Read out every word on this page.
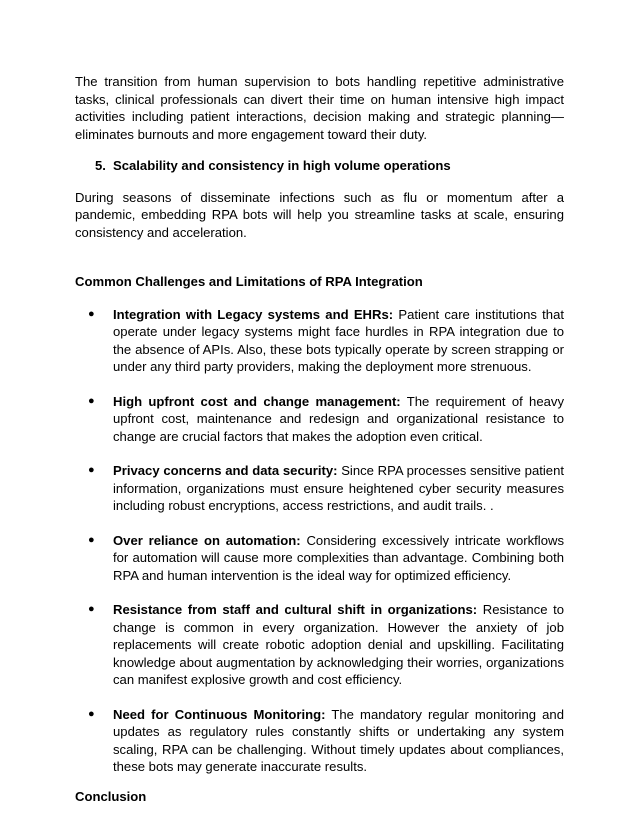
The transition from human supervision to bots handling repetitive administrative tasks, clinical professionals can divert their time on human intensive high impact activities including patient interactions, decision making and strategic planning—eliminates burnouts and more engagement toward their duty.

5. Scalability and consistency in high volume operations

During seasons of disseminate infections such as flu or momentum after a pandemic, embedding RPA bots will help you streamline tasks at scale, ensuring consistency and acceleration.

Common Challenges and Limitations of RPA Integration
●	Integration with Legacy systems and EHRs: Patient care institutions that operate under legacy systems might face hurdles in RPA integration due to the absence of APIs. Also, these bots typically operate by screen strapping or under any third party providers, making the deployment more strenuous.
●	High upfront cost and change management: The requirement of heavy upfront cost, maintenance and redesign and organizational resistance to change are crucial factors that makes the adoption even critical.
●	Privacy concerns and data security: Since RPA processes sensitive patient information, organizations must ensure heightened cyber security measures including robust encryptions, access restrictions, and audit trails. .
●	Over reliance on automation: Considering excessively intricate workflows for automation will cause more complexities than advantage. Combining both RPA and human intervention is the ideal way for optimized efficiency.
●	Resistance from staff and cultural shift in organizations: Resistance to change is common in every organization. However the anxiety of job replacements will create robotic adoption denial and upskilling. Facilitating knowledge about augmentation by acknowledging their worries, organizations can manifest explosive growth and cost efficiency.
●	Need for Continuous Monitoring: The mandatory regular monitoring and updates as regulatory rules constantly shifts or undertaking any system scaling, RPA can be challenging. Without timely updates about compliances, these bots may generate inaccurate results.
Conclusion
